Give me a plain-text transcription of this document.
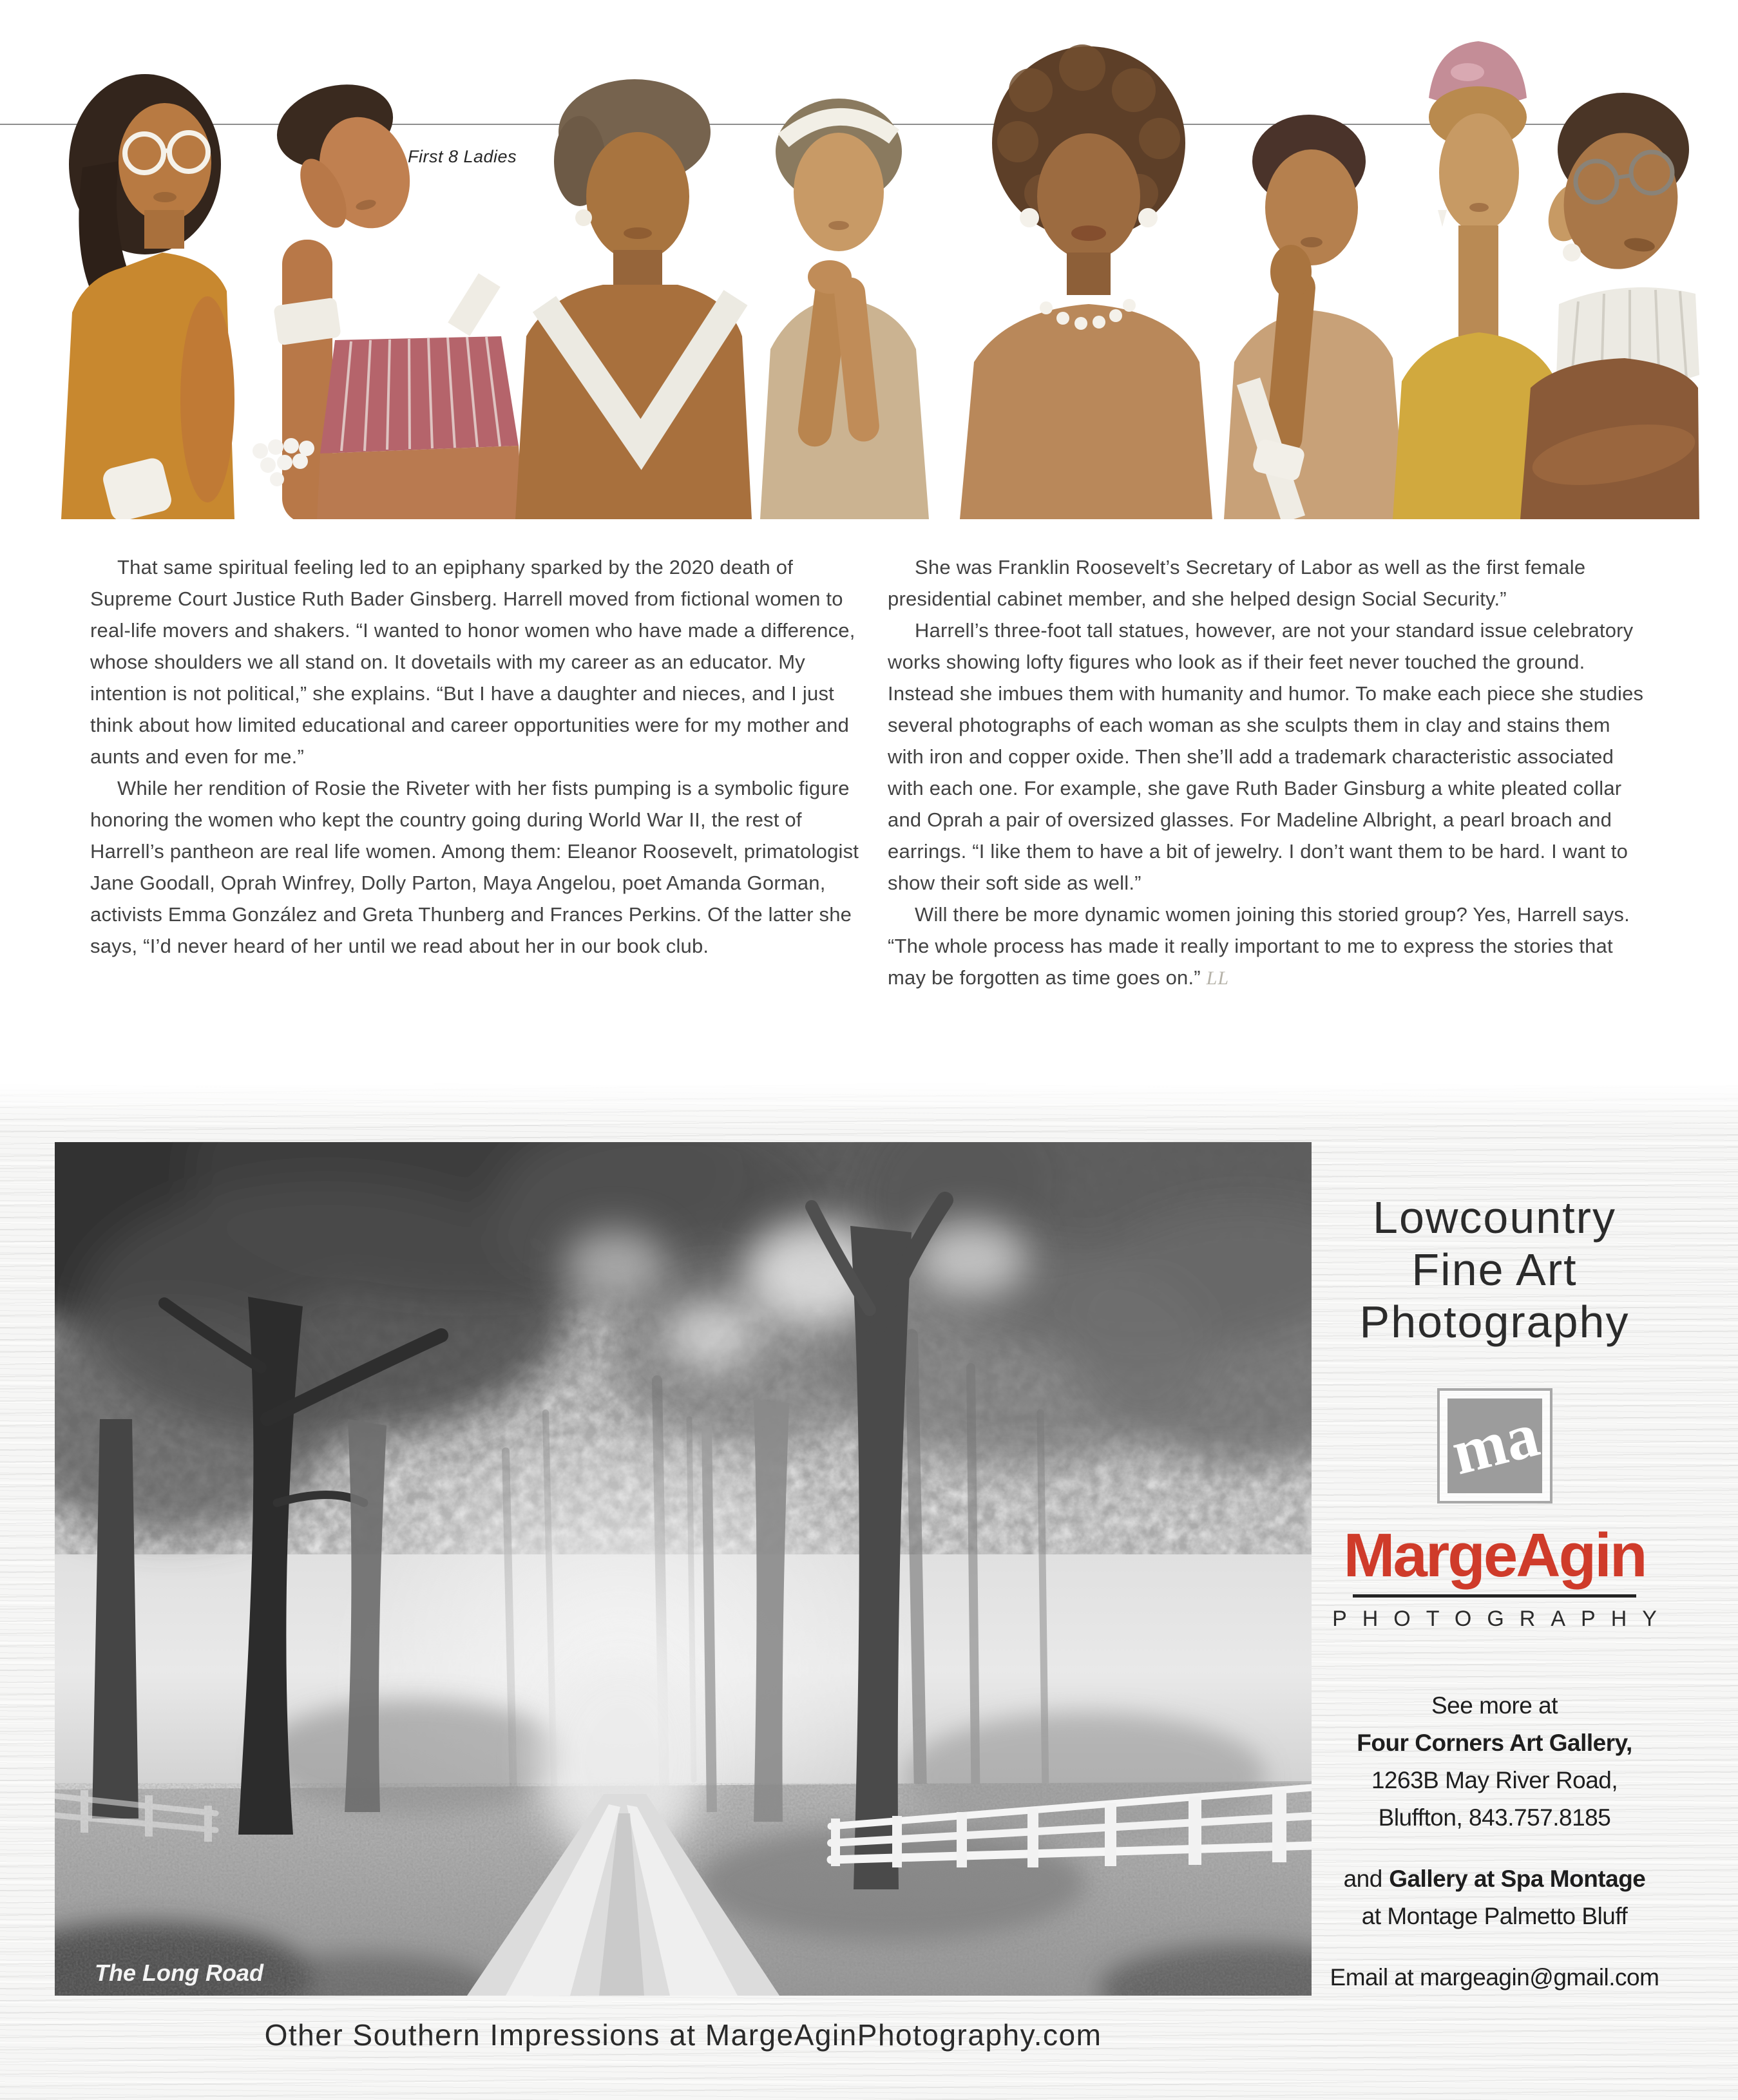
First 8 Ladies

That same spiritual feeling led to an epiphany sparked by the 2020 death of Supreme Court Justice Ruth Bader Ginsberg. Harrell moved from fictional women to real-life movers and shakers. “I wanted to honor women who have made a difference, whose shoulders we all stand on. It dovetails with my career as an educator. My intention is not political,” she explains. “But I have a daughter and nieces, and I just think about how limited educational and career opportunities were for my mother and aunts and even for me.”

While her rendition of Rosie the Riveter with her fists pumping is a symbolic figure honoring the women who kept the country going during World War II, the rest of Harrell’s pantheon are real life women. Among them: Eleanor Roosevelt, primatologist Jane Goodall, Oprah Winfrey, Dolly Parton, Maya Angelou, poet Amanda Gorman, activists Emma González and Greta Thunberg and Frances Perkins. Of the latter she says, “I’d never heard of her until we read about her in our book club.

She was Franklin Roosevelt’s Secretary of Labor as well as the first female presidential cabinet member, and she helped design Social Security.”

Harrell’s three-foot tall statues, however, are not your standard issue celebratory works showing lofty figures who look as if their feet never touched the ground. Instead she imbues them with humanity and humor. To make each piece she studies several photographs of each woman as she sculpts them in clay and stains them with iron and copper oxide. Then she’ll add a trademark characteristic associated with each one. For example, she gave Ruth Bader Ginsburg a white pleated collar and Oprah a pair of oversized glasses. For Madeline Albright, a pearl broach and earrings. “I like them to have a bit of jewelry. I don’t want them to be hard. I want to show their soft side as well.”

Will there be more dynamic women joining this storied group? Yes, Harrell says. “The whole process has made it really important to me to express the stories that may be forgotten as time goes on.” LL

The Long Road
Lowcountry
Fine Art
Photography
ma
MargeAgin
PHOTOGRAPHY
See more at
Four Corners Art Gallery,
1263B May River Road,
Bluffton, 843.757.8185
and Gallery at Spa Montage
at Montage Palmetto Bluff
Email at margeagin@gmail.com
Other Southern Impressions at MargeAginPhotography.com
